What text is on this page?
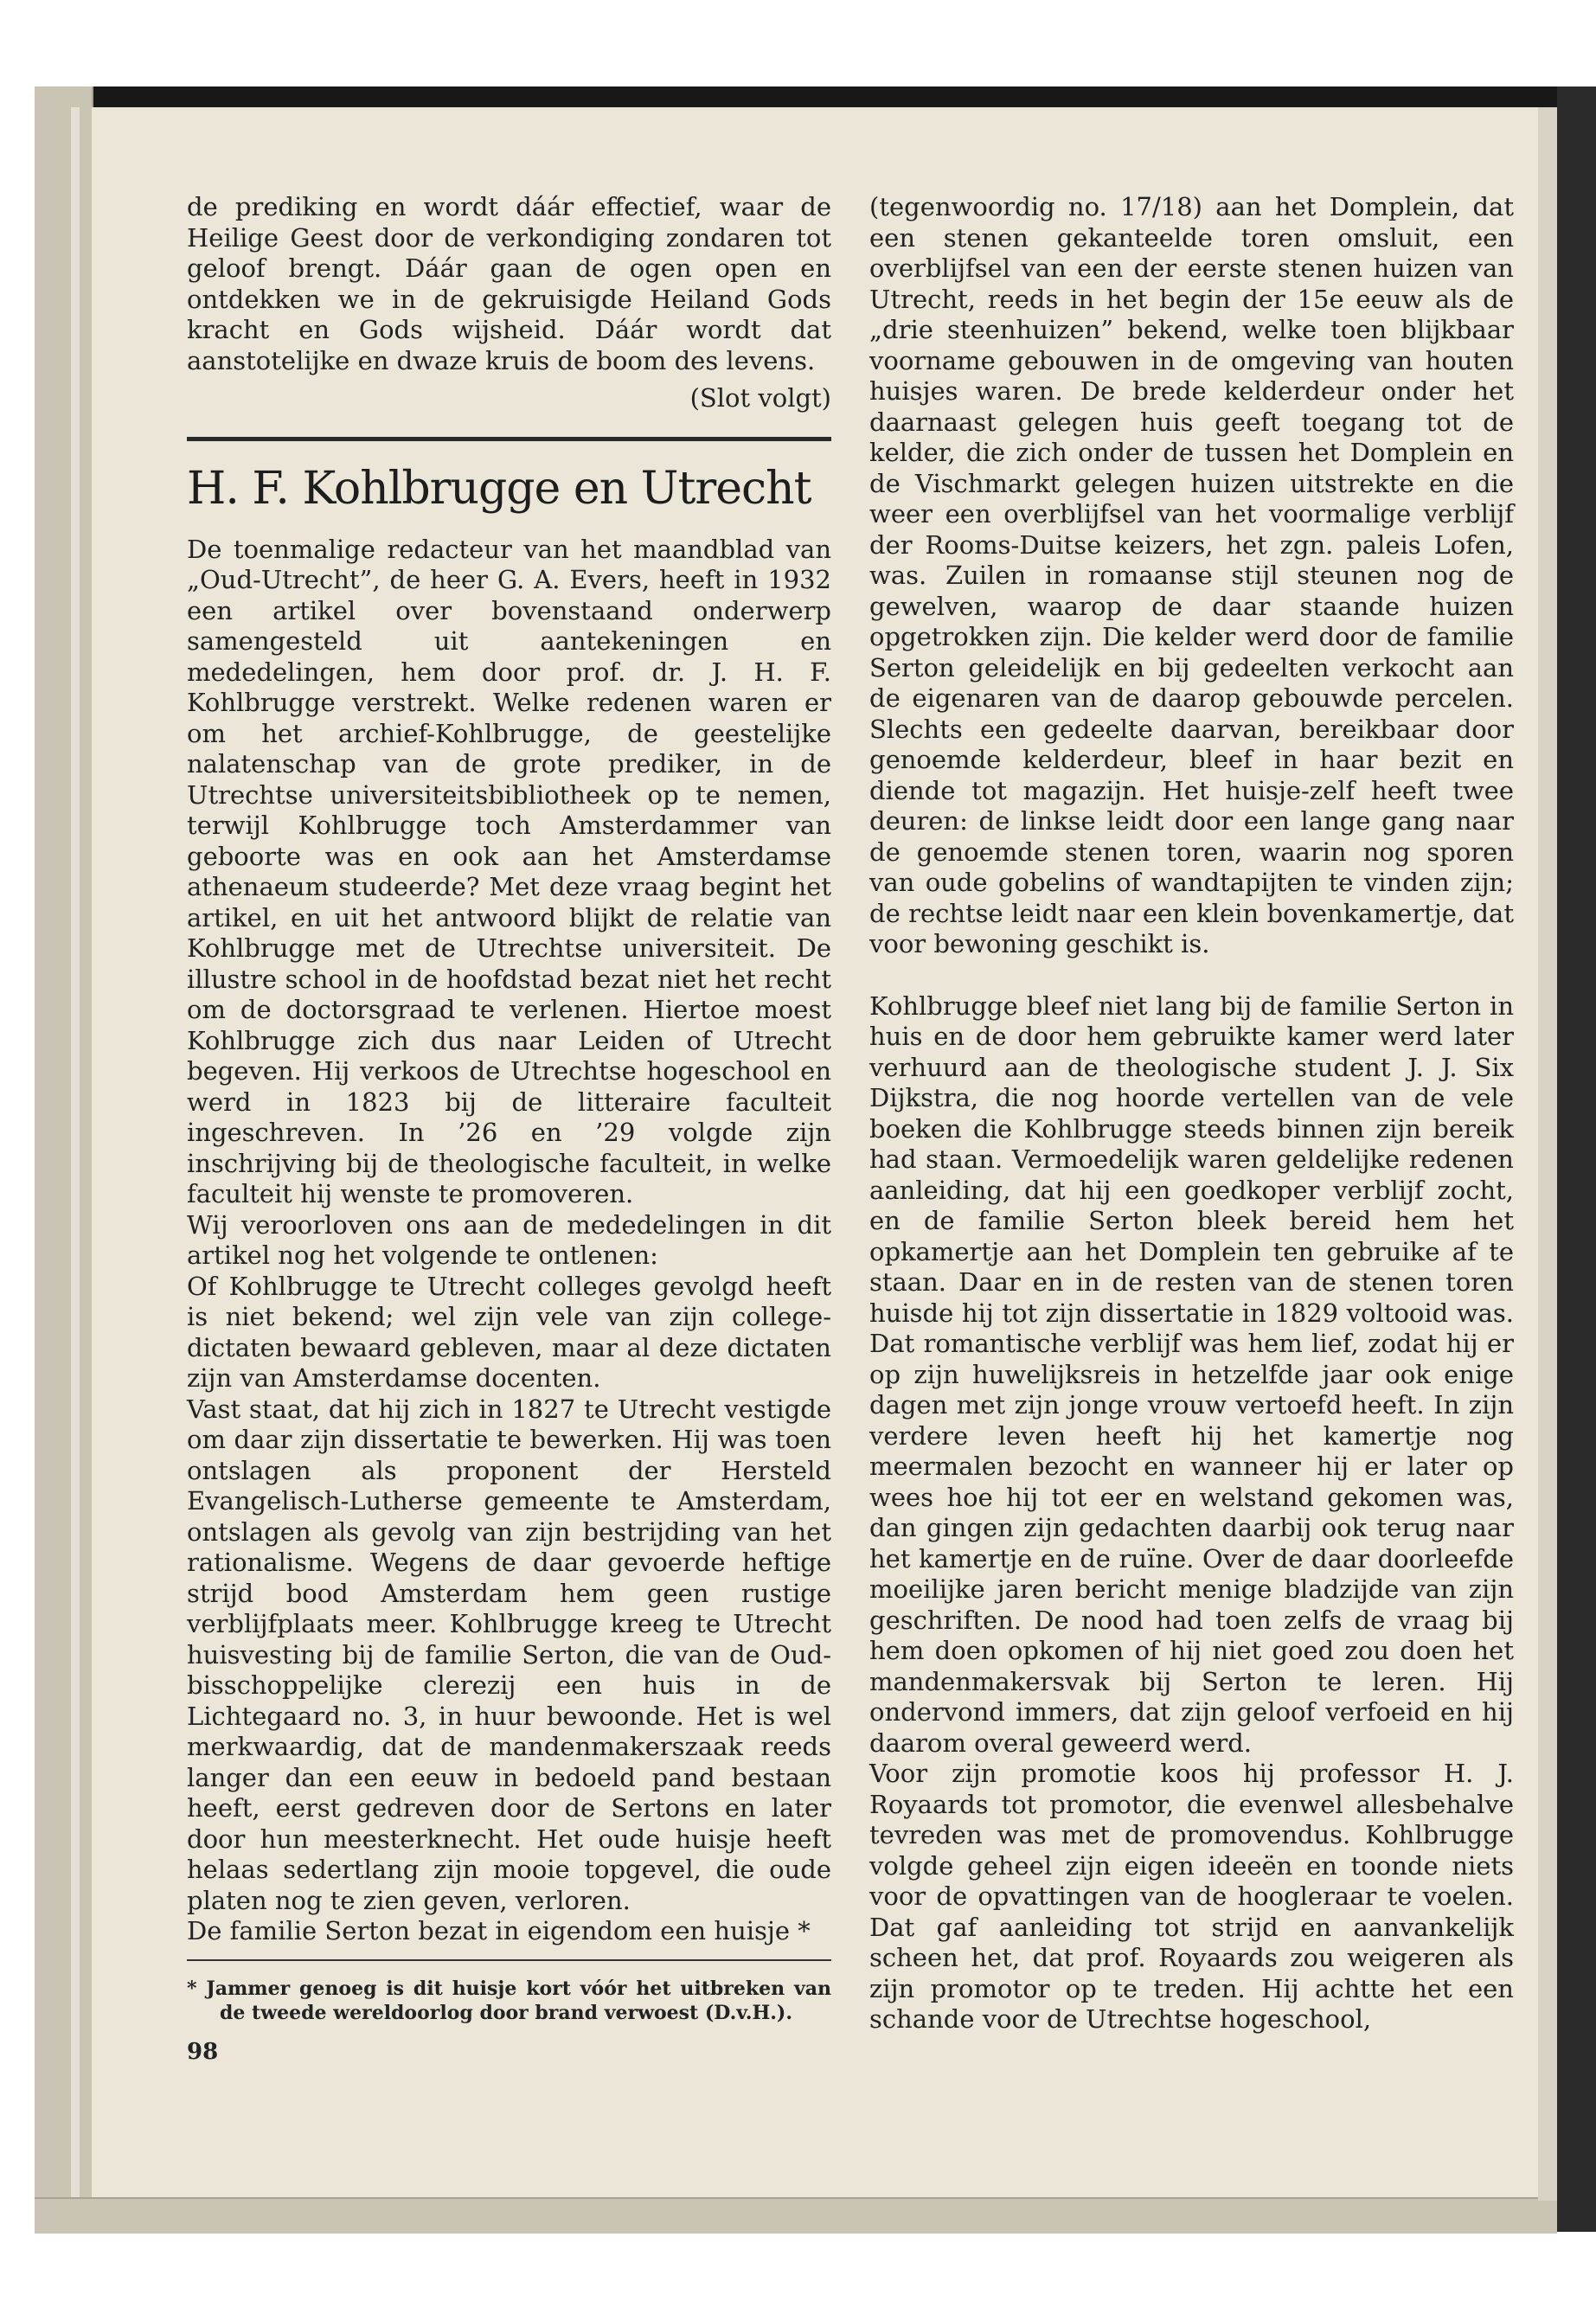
de prediking en wordt dáár effectief, waar de Heilige Geest door de verkondiging zondaren tot geloof brengt. Dáár gaan de ogen open en ontdekken we in de gekruisigde Heiland Gods kracht en Gods wijsheid. Dáár wordt dat aanstotelijke en dwaze kruis de boom des levens.

(Slot volgt)

H. F. Kohlbrugge en Utrecht

De toenmalige redacteur van het maandblad van „Oud-Utrecht”, de heer G. A. Evers, heeft in 1932 een artikel over bovenstaand onderwerp samengesteld uit aantekeningen en mededelingen, hem door prof. dr. J. H. F. Kohlbrugge verstrekt. Welke redenen waren er om het archief-Kohlbrugge, de geestelijke nalatenschap van de grote prediker, in de Utrechtse universiteitsbibliotheek op te nemen, terwijl Kohlbrugge toch Amsterdammer van geboorte was en ook aan het Amsterdamse athenaeum studeerde? Met deze vraag begint het artikel, en uit het antwoord blijkt de relatie van Kohlbrugge met de Utrechtse universiteit. De illustre school in de hoofdstad bezat niet het recht om de doctorsgraad te verlenen. Hiertoe moest Kohlbrugge zich dus naar Leiden of Utrecht begeven. Hij verkoos de Utrechtse hogeschool en werd in 1823 bij de litteraire faculteit ingeschreven. In ’26 en ’29 volgde zijn inschrijving bij de theologische faculteit, in welke faculteit hij wenste te promoveren.

Wij veroorloven ons aan de mededelingen in dit artikel nog het volgende te ontlenen:

Of Kohlbrugge te Utrecht colleges gevolgd heeft is niet bekend; wel zijn vele van zijn college-dictaten bewaard gebleven, maar al deze dictaten zijn van Amsterdamse docenten.

Vast staat, dat hij zich in 1827 te Utrecht vestigde om daar zijn dissertatie te bewerken. Hij was toen ontslagen als proponent der Hersteld Evangelisch-Lutherse gemeente te Amsterdam, ontslagen als gevolg van zijn bestrijding van het rationalisme. Wegens de daar gevoerde heftige strijd bood Amsterdam hem geen rustige verblijfplaats meer. Kohlbrugge kreeg te Utrecht huisvesting bij de familie Serton, die van de Oud-bisschoppelijke clerezij een huis in de Lichtegaard no. 3, in huur bewoonde. Het is wel merkwaardig, dat de mandenmakerszaak reeds langer dan een eeuw in bedoeld pand bestaan heeft, eerst gedreven door de Sertons en later door hun meesterknecht. Het oude huisje heeft helaas sedertlang zijn mooie topgevel, die oude platen nog te zien geven, verloren.

De familie Serton bezat in eigendom een huisje *

* Jammer genoeg is dit huisje kort vóór het uitbreken van de tweede wereldoorlog door brand verwoest (D.v.H.).

98

(tegenwoordig no. 17/18) aan het Domplein, dat een stenen gekanteelde toren omsluit, een overblijfsel van een der eerste stenen huizen van Utrecht, reeds in het begin der 15e eeuw als de „drie steenhuizen” bekend, welke toen blijkbaar voorname gebouwen in de omgeving van houten huisjes waren. De brede kelderdeur onder het daarnaast gelegen huis geeft toegang tot de kelder, die zich onder de tussen het Domplein en de Vischmarkt gelegen huizen uitstrekte en die weer een overblijfsel van het voormalige verblijf der Rooms-Duitse keizers, het zgn. paleis Lofen, was. Zuilen in romaanse stijl steunen nog de gewelven, waarop de daar staande huizen opgetrokken zijn. Die kelder werd door de familie Serton geleidelijk en bij gedeelten verkocht aan de eigenaren van de daarop gebouwde percelen. Slechts een gedeelte daarvan, bereikbaar door genoemde kelderdeur, bleef in haar bezit en diende tot magazijn. Het huisje-zelf heeft twee deuren: de linkse leidt door een lange gang naar de genoemde stenen toren, waarin nog sporen van oude gobelins of wandtapijten te vinden zijn; de rechtse leidt naar een klein bovenkamertje, dat voor bewoning geschikt is.

Kohlbrugge bleef niet lang bij de familie Serton in huis en de door hem gebruikte kamer werd later verhuurd aan de theologische student J. J. Six Dijkstra, die nog hoorde vertellen van de vele boeken die Kohlbrugge steeds binnen zijn bereik had staan. Vermoedelijk waren geldelijke redenen aanleiding, dat hij een goedkoper verblijf zocht, en de familie Serton bleek bereid hem het opkamertje aan het Domplein ten gebruike af te staan. Daar en in de resten van de stenen toren huisde hij tot zijn dissertatie in 1829 voltooid was. Dat romantische verblijf was hem lief, zodat hij er op zijn huwelijksreis in hetzelfde jaar ook enige dagen met zijn jonge vrouw vertoefd heeft. In zijn verdere leven heeft hij het kamertje nog meermalen bezocht en wanneer hij er later op wees hoe hij tot eer en welstand gekomen was, dan gingen zijn gedachten daarbij ook terug naar het kamertje en de ruïne. Over de daar doorleefde moeilijke jaren bericht menige bladzijde van zijn geschriften. De nood had toen zelfs de vraag bij hem doen opkomen of hij niet goed zou doen het mandenmakersvak bij Serton te leren. Hij ondervond immers, dat zijn geloof verfoeid en hij daarom overal geweerd werd.

Voor zijn promotie koos hij professor H. J. Royaards tot promotor, die evenwel allesbehalve tevreden was met de promovendus. Kohlbrugge volgde geheel zijn eigen ideeën en toonde niets voor de opvattingen van de hoogleraar te voelen. Dat gaf aanleiding tot strijd en aanvankelijk scheen het, dat prof. Royaards zou weigeren als zijn promotor op te treden. Hij achtte het een schande voor de Utrechtse hogeschool,
